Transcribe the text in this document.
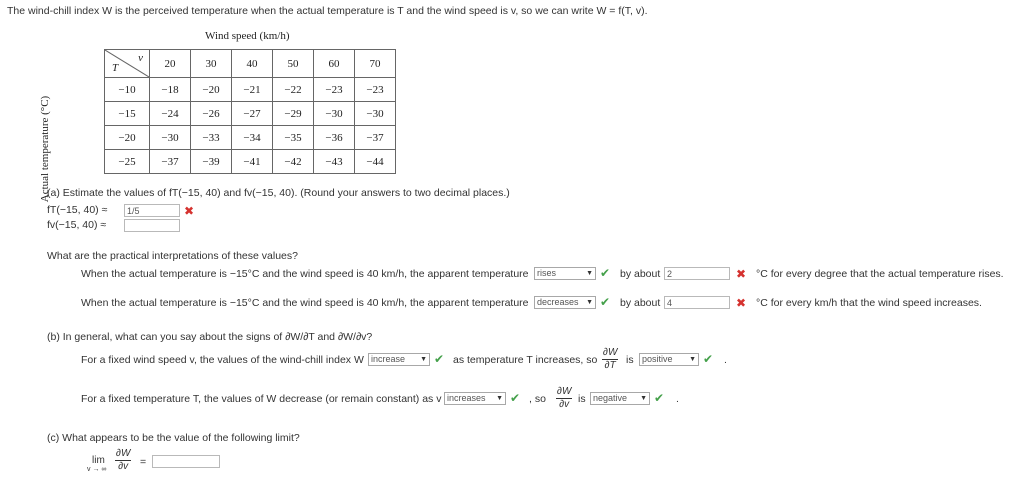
The wind-chill index W is the perceived temperature when the actual temperature is T and the wind speed is v, so we can write W = f(T, v).
Wind speed (km/h)
Actual temperature (°C)
v
T	20	30	40	50	60	70
−10	−18	−20	−21	−22	−23	−23
−15	−24	−26	−27	−29	−30	−30
−20	−30	−33	−34	−35	−36	−37
−25	−37	−39	−41	−42	−43	−44
(a) Estimate the values of fT(−15, 40) and fv(−15, 40). (Round your answers to two decimal places.)
fT(−15, 40) ≈	1/5	✖
fv(−15, 40) ≈
What are the practical interpretations of these values?
When the actual temperature is −15°C and the wind speed is 40 km/h, the apparent temperature rises	▼ ✔ by about 2	✖ °C for every degree that the actual temperature rises.
When the actual temperature is −15°C and the wind speed is 40 km/h, the apparent temperature decreases ▼ ✔ by about 4	✖ °C for every km/h that the wind speed increases.
(b) In general, what can you say about the signs of ∂W/∂T and ∂W/∂v?
For a fixed wind speed v, the values of the wind-chill index W increase ▼ ✔ as temperature T increases, so $\frac{\partial W}{\partial T}$ is positive ▼ ✔ .
For a fixed temperature T, the values of W decrease (or remain constant) as v increases ▼ ✔ , so $\frac{\partial W}{\partial v}$ is negative ▼ ✔ .
(c) What appears to be the value of the following limit?
lim
v → ∞ $\frac{\partial W}{\partial v}$ =
